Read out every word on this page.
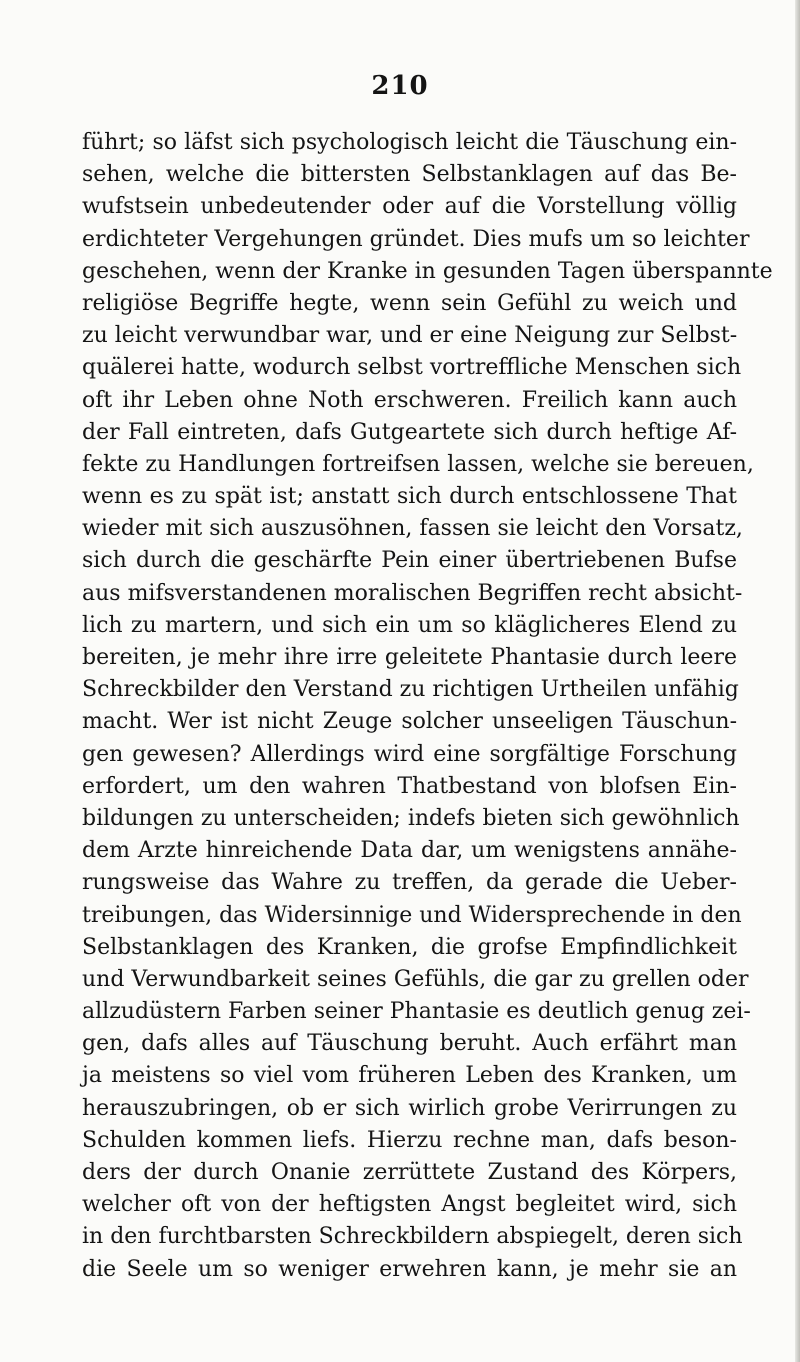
210
führt; so läfst sich psychologisch leicht die Täuschung ein-
sehen, welche die bittersten Selbstanklagen auf das Be-
wufstsein unbedeutender oder auf die Vorstellung völlig
erdichteter Vergehungen gründet. Dies mufs um so leichter
geschehen, wenn der Kranke in gesunden Tagen überspannte
religiöse Begriffe hegte, wenn sein Gefühl zu weich und
zu leicht verwundbar war, und er eine Neigung zur Selbst-
quälerei hatte, wodurch selbst vortreffliche Menschen sich
oft ihr Leben ohne Noth erschweren. Freilich kann auch
der Fall eintreten, dafs Gutgeartete sich durch heftige Af-
fekte zu Handlungen fortreifsen lassen, welche sie bereuen,
wenn es zu spät ist; anstatt sich durch entschlossene That
wieder mit sich auszusöhnen, fassen sie leicht den Vorsatz,
sich durch die geschärfte Pein einer übertriebenen Bufse
aus mifsverstandenen moralischen Begriffen recht absicht-
lich zu martern, und sich ein um so kläglicheres Elend zu
bereiten, je mehr ihre irre geleitete Phantasie durch leere
Schreckbilder den Verstand zu richtigen Urtheilen unfähig
macht. Wer ist nicht Zeuge solcher unseeligen Täuschun-
gen gewesen? Allerdings wird eine sorgfältige Forschung
erfordert, um den wahren Thatbestand von blofsen Ein-
bildungen zu unterscheiden; indefs bieten sich gewöhnlich
dem Arzte hinreichende Data dar, um wenigstens annähe-
rungsweise das Wahre zu treffen, da gerade die Ueber-
treibungen, das Widersinnige und Widersprechende in den
Selbstanklagen des Kranken, die grofse Empfindlichkeit
und Verwundbarkeit seines Gefühls, die gar zu grellen oder
allzudüstern Farben seiner Phantasie es deutlich genug zei-
gen, dafs alles auf Täuschung beruht. Auch erfährt man
ja meistens so viel vom früheren Leben des Kranken, um
herauszubringen, ob er sich wirlich grobe Verirrungen zu
Schulden kommen liefs. Hierzu rechne man, dafs beson-
ders der durch Onanie zerrüttete Zustand des Körpers,
welcher oft von der heftigsten Angst begleitet wird, sich
in den furchtbarsten Schreckbildern abspiegelt, deren sich
die Seele um so weniger erwehren kann, je mehr sie an
